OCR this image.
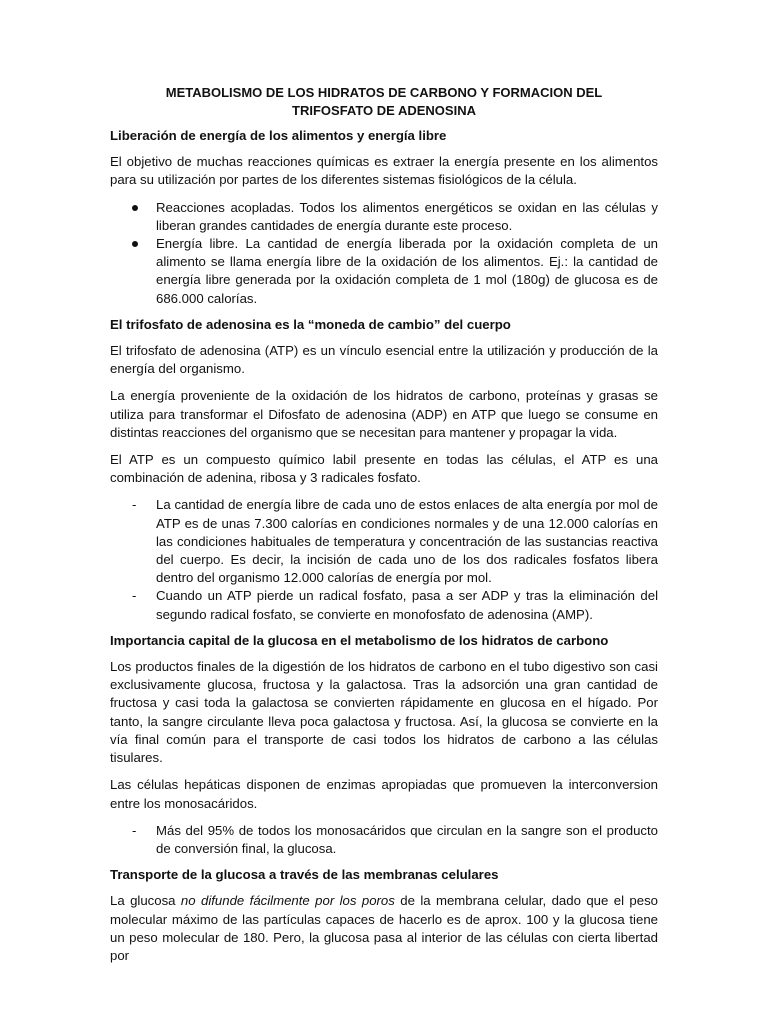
METABOLISMO DE LOS HIDRATOS DE CARBONO Y FORMACION DEL TRIFOSFATO DE ADENOSINA
Liberación de energía de los alimentos y energía libre
El objetivo de muchas reacciones químicas es extraer la energía presente en los alimentos para su utilización por partes de los diferentes sistemas fisiológicos de la célula.
Reacciones acopladas. Todos los alimentos energéticos se oxidan en las células y liberan grandes cantidades de energía durante este proceso.
Energía libre. La cantidad de energía liberada por la oxidación completa de un alimento se llama energía libre de la oxidación de los alimentos. Ej.: la cantidad de energía libre generada por la oxidación completa de 1 mol (180g) de glucosa es de 686.000 calorías.
El trifosfato de adenosina es la “moneda de cambio” del cuerpo
El trifosfato de adenosina (ATP) es un vínculo esencial entre la utilización y producción de la energía del organismo.
La energía proveniente de la oxidación de los hidratos de carbono, proteínas y grasas se utiliza para transformar el Difosfato de adenosina (ADP) en ATP que luego se consume en distintas reacciones del organismo que se necesitan para mantener y propagar la vida.
El ATP es un compuesto químico labil presente en todas las células, el ATP es una combinación de adenina, ribosa y 3 radicales fosfato.
- La cantidad de energía libre de cada uno de estos enlaces de alta energía por mol de ATP es de unas 7.300 calorías en condiciones normales y de una 12.000 calorías en las condiciones habituales de temperatura y concentración de las sustancias reactiva del cuerpo. Es decir, la incisión de cada uno de los dos radicales fosfatos libera dentro del organismo 12.000 calorías de energía por mol.
- Cuando un ATP pierde un radical fosfato, pasa a ser ADP y tras la eliminación del segundo radical fosfato, se convierte en monofosfato de adenosina (AMP).
Importancia capital de la glucosa en el metabolismo de los hidratos de carbono
Los productos finales de la digestión de los hidratos de carbono en el tubo digestivo son casi exclusivamente glucosa, fructosa y la galactosa. Tras la adsorción una gran cantidad de fructosa y casi toda la galactosa se convierten rápidamente en glucosa en el hígado. Por tanto, la sangre circulante lleva poca galactosa y fructosa. Así, la glucosa se convierte en la vía final común para el transporte de casi todos los hidratos de carbono a las células tisulares.
Las células hepáticas disponen de enzimas apropiadas que promueven la interconversion entre los monosacáridos.
- Más del 95% de todos los monosacáridos que circulan en la sangre son el producto de conversión final, la glucosa.
Transporte de la glucosa a través de las membranas celulares
La glucosa no difunde fácilmente por los poros de la membrana celular, dado que el peso molecular máximo de las partículas capaces de hacerlo es de aprox. 100 y la glucosa tiene un peso molecular de 180. Pero, la glucosa pasa al interior de las células con cierta libertad por
